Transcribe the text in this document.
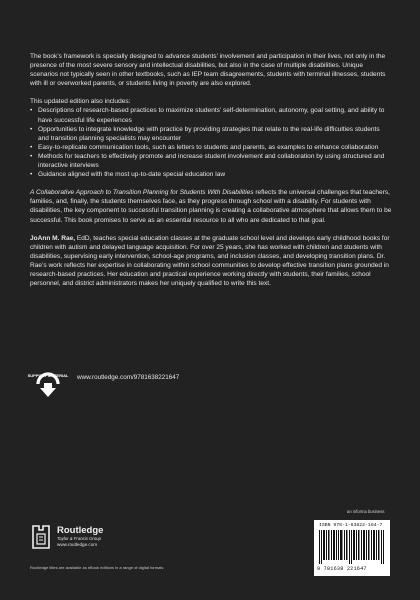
The book’s framework is specially designed to advance students’ involvement and participation in their lives, not only in the presence of the most severe sensory and intellectual disabilities, but also in the case of multiple disabilities. Unique scenarios not typically seen in other textbooks, such as IEP team disagreements, students with terminal illnesses, students with ill or overworked parents, or students living in poverty are also explored.

This updated edition also includes:

• Descriptions of research-based practices to maximize students’ self-determination, autonomy, goal setting, and ability to have successful life experiences
• Opportunities to integrate knowledge with practice by providing strategies that relate to the real-life difficulties students and transition planning specialists may encounter
• Easy-to-replicate communication tools, such as letters to students and parents, as examples to enhance collaboration
• Methods for teachers to effectively promote and increase student involvement and collaboration by using structured and interactive interviews
• Guidance aligned with the most up-to-date special education law

A Collaborative Approach to Transition Planning for Students With Disabilities reflects the universal challenges that teachers, families, and, finally, the students themselves face, as they progress through school with a disability. For students with disabilities, the key component to successful transition planning is creating a collaborative atmosphere that allows them to be successful. This book promises to serve as an essential resource to all who are dedicated to that goal.

JoAnn M. Rae, EdD, teaches special education classes at the graduate school level and develops early childhood books for children with autism and delayed language acquisition. For over 25 years, she has worked with children and students with disabilities, supervising early intervention, school-age programs, and inclusion classes, and developing transition plans. Dr. Rae’s work reflects her expertise in collaborating within school communities to develop effective transition plans grounded in research-based practices. Her education and practical experience working directly with students, their families, school personnel, and district administrators makes her uniquely qualified to write this text.

SUPPORT MATERIAL www.routledge.com/9781638221647
an informa business
ISBN 978-1-63822-164-7
9 781638 221647
Routledge
Taylor & Francis Group
www.routledge.com
Routledge titles are available as eBook editions in a range of digital formats
